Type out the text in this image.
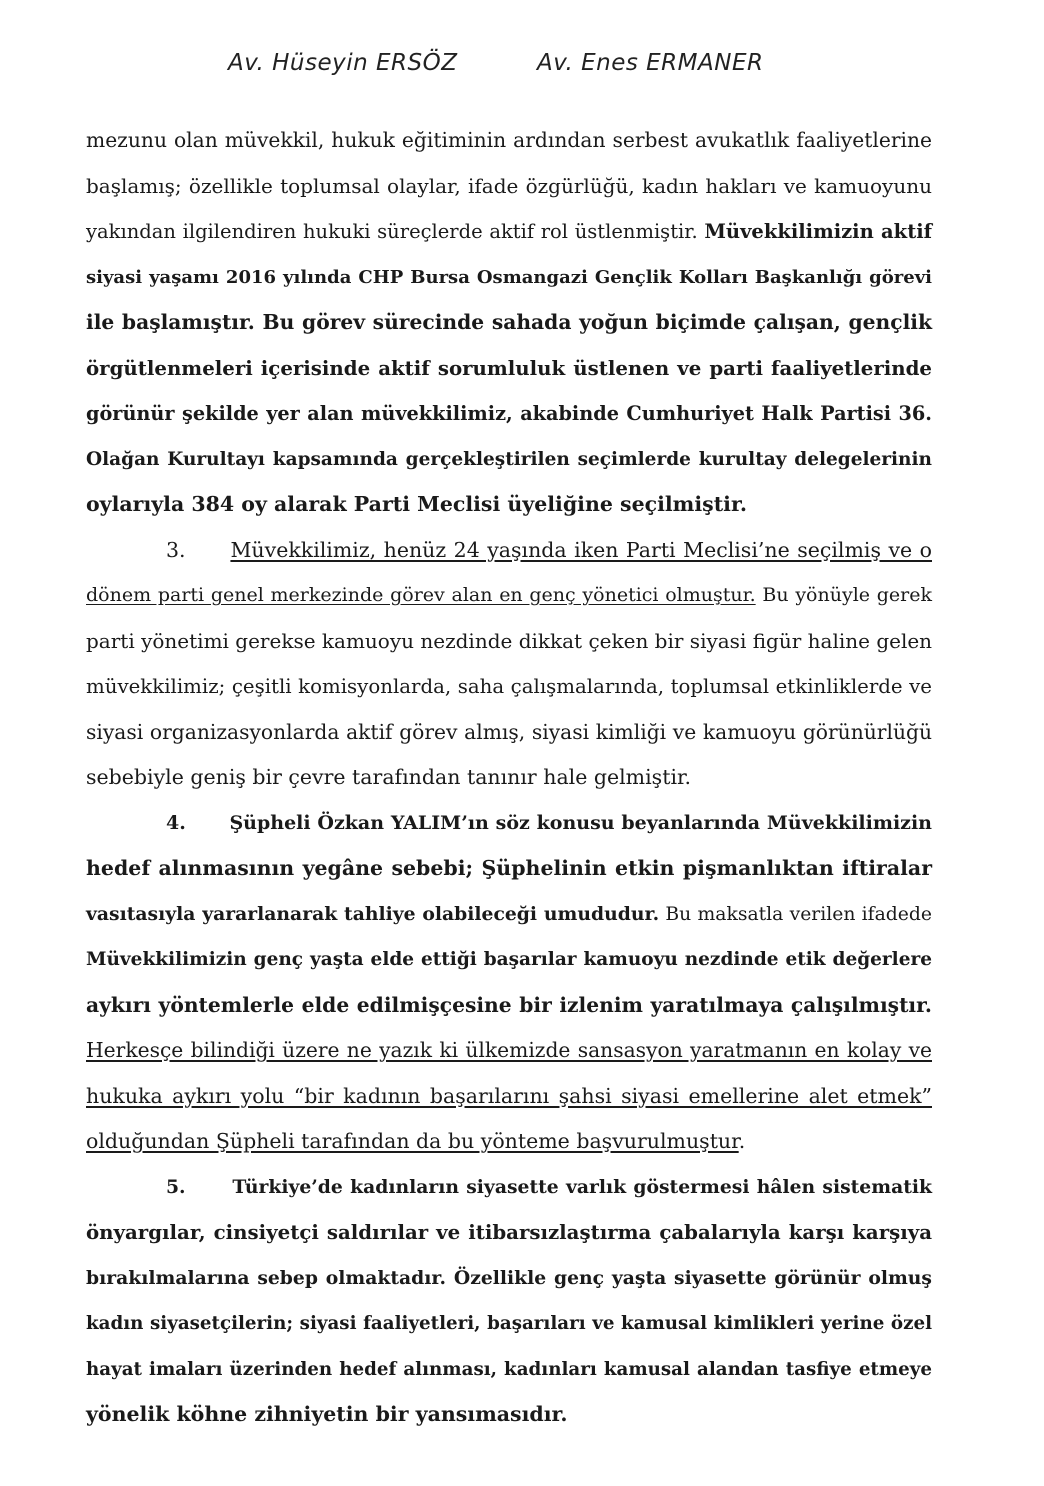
Av. Hüseyin ERSÖZ	Av. Enes ERMANER
mezunu olan müvekkil, hukuk eğitiminin ardından serbest avukatlık faaliyetlerine
başlamış; özellikle toplumsal olaylar, ifade özgürlüğü, kadın hakları ve kamuoyunu
yakından ilgilendiren hukuki süreçlerde aktif rol üstlenmiştir. Müvekkilimizin aktif
siyasi yaşamı 2016 yılında CHP Bursa Osmangazi Gençlik Kolları Başkanlığı görevi
ile başlamıştır. Bu görev sürecinde sahada yoğun biçimde çalışan, gençlik
örgütlenmeleri içerisinde aktif sorumluluk üstlenen ve parti faaliyetlerinde
görünür şekilde yer alan müvekkilimiz, akabinde Cumhuriyet Halk Partisi 36.
Olağan Kurultayı kapsamında gerçekleştirilen seçimlerde kurultay delegelerinin
oylarıyla 384 oy alarak Parti Meclisi üyeliğine seçilmiştir.
3. Müvekkilimiz, henüz 24 yaşında iken Parti Meclisi’ne seçilmiş ve o
dönem parti genel merkezinde görev alan en genç yönetici olmuştur. Bu yönüyle gerek
parti yönetimi gerekse kamuoyu nezdinde dikkat çeken bir siyasi figür haline gelen
müvekkilimiz; çeşitli komisyonlarda, saha çalışmalarında, toplumsal etkinliklerde ve
siyasi organizasyonlarda aktif görev almış, siyasi kimliği ve kamuoyu görünürlüğü
sebebiyle geniş bir çevre tarafından tanınır hale gelmiştir.
4. Şüpheli Özkan YALIM’ın söz konusu beyanlarında Müvekkilimizin
hedef alınmasının yegâne sebebi; Şüphelinin etkin pişmanlıktan iftiralar
vasıtasıyla yararlanarak tahliye olabileceği umududur. Bu maksatla verilen ifadede
Müvekkilimizin genç yaşta elde ettiği başarılar kamuoyu nezdinde etik değerlere
aykırı yöntemlerle elde edilmişçesine bir izlenim yaratılmaya çalışılmıştır.
Herkesçe bilindiği üzere ne yazık ki ülkemizde sansasyon yaratmanın en kolay ve
hukuka aykırı yolu “bir kadının başarılarını şahsi siyasi emellerine alet etmek”
olduğundan Şüpheli tarafından da bu yönteme başvurulmuştur.
5. Türkiye’de kadınların siyasette varlık göstermesi hâlen sistematik
önyargılar, cinsiyetçi saldırılar ve itibarsızlaştırma çabalarıyla karşı karşıya
bırakılmalarına sebep olmaktadır. Özellikle genç yaşta siyasette görünür olmuş
kadın siyasetçilerin; siyasi faaliyetleri, başarıları ve kamusal kimlikleri yerine özel
hayat imaları üzerinden hedef alınması, kadınları kamusal alandan tasfiye etmeye
yönelik köhne zihniyetin bir yansımasıdır.
